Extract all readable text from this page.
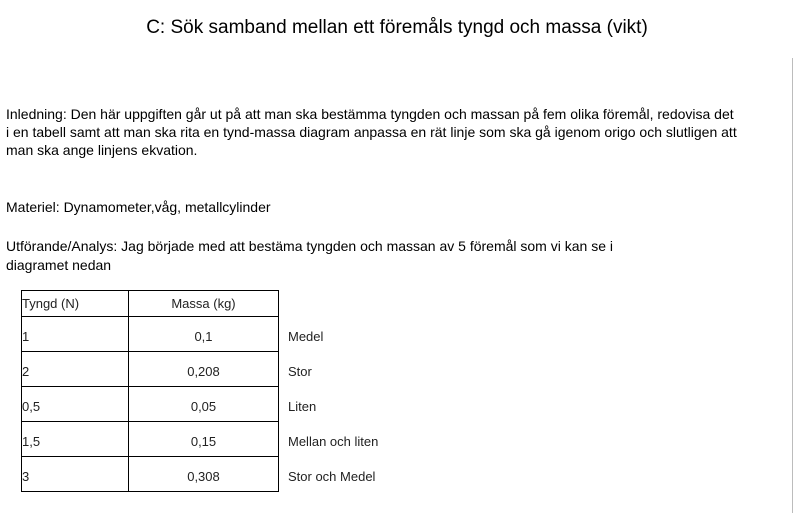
C: Sök samband mellan ett föremåls tyngd och massa (vikt)
Inledning: Den här uppgiften går ut på att man ska bestämma tyngden och massan på fem olika föremål, redovisa det
i en tabell samt att man ska rita en tynd-massa diagram anpassa en rät linje som ska gå igenom origo och slutligen att
man ska ange linjens ekvation.
Materiel: Dynamometer,våg, metallcylinder
Utförande/Analys: Jag började med att bestäma tyngden och massan av 5 föremål som vi kan se i
diagramet nedan
Tyngd (N)	Massa (kg)	
1	0,1	Medel
2	0,208	Stor
0,5	0,05	Liten
1,5	0,15	Mellan och liten
3	0,308	Stor och Medel
